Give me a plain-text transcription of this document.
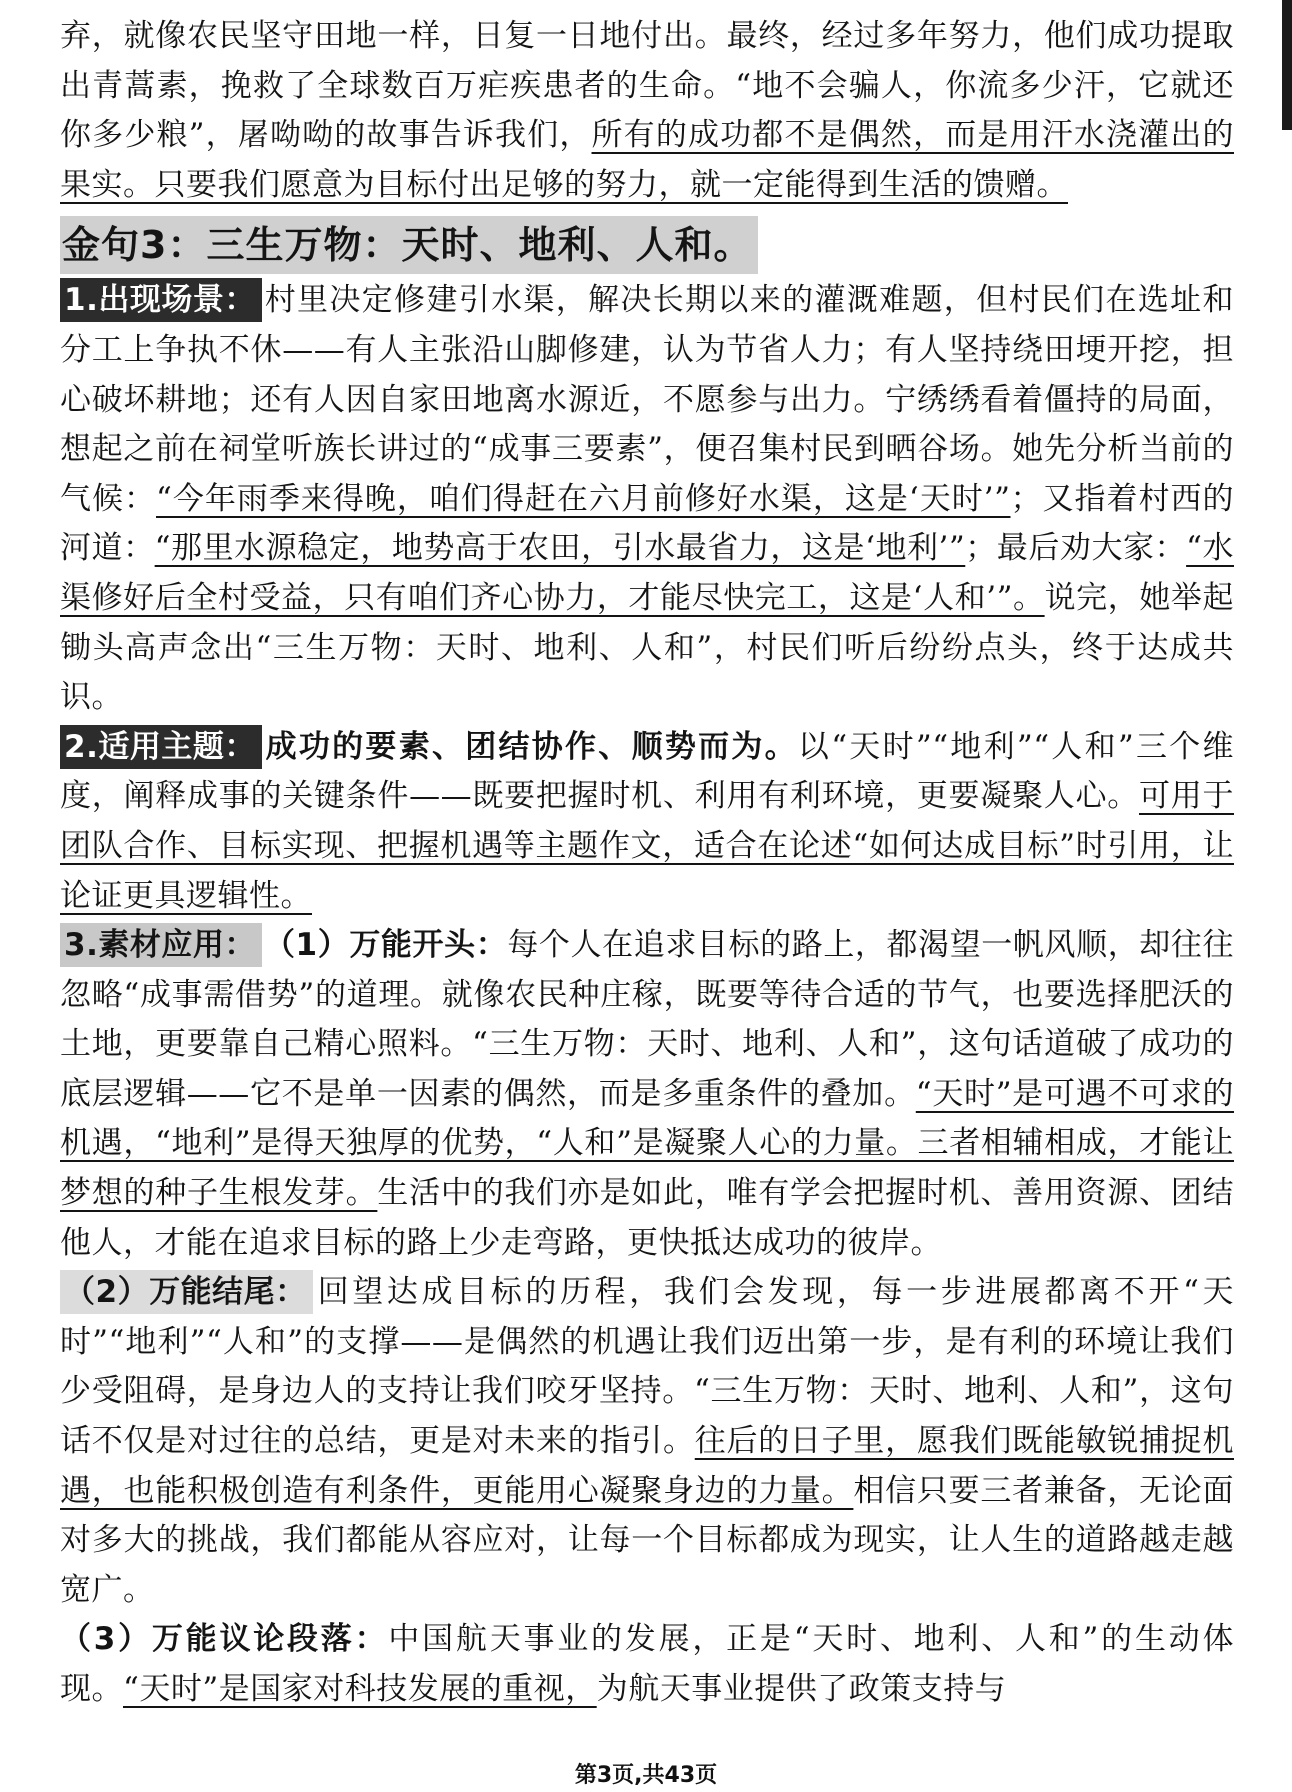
弃，就像农民坚守田地一样，日复一日地付出。最终，经过多年努力，他们成功提取出青蒿素，挽救了全球数百万疟疾患者的生命。“地不会骗人，你流多少汗，它就还你多少粮”，屠呦呦的故事告诉我们，所有的成功都不是偶然，而是用汗水浇灌出的果实。只要我们愿意为目标付出足够的努力，就一定能得到生活的馈赠。

金句3：三生万物：天时、地利、人和。

1.出现场景： 村里决定修建引水渠，解决长期以来的灌溉难题，但村民们在选址和分工上争执不休——有人主张沿山脚修建，认为节省人力；有人坚持绕田埂开挖，担心破坏耕地；还有人因自家田地离水源近，不愿参与出力。宁绣绣看着僵持的局面，想起之前在祠堂听族长讲过的“成事三要素”，便召集村民到晒谷场。她先分析当前的气候：“今年雨季来得晚，咱们得赶在六月前修好水渠，这是‘天时’”；又指着村西的河道：“那里水源稳定，地势高于农田，引水最省力，这是‘地利’”；最后劝大家：“水渠修好后全村受益，只有咱们齐心协力，才能尽快完工，这是‘人和’”。说完，她举起锄头高声念出“三生万物：天时、地利、人和”，村民们听后纷纷点头，终于达成共识。

2.适用主题： 成功的要素、团结协作、顺势而为。以“天时”“地利”“人和”三个维度，阐释成事的关键条件——既要把握时机、利用有利环境，更要凝聚人心。可用于团队合作、目标实现、把握机遇等主题作文，适合在论述“如何达成目标”时引用，让论证更具逻辑性。

3.素材应用： （1）万能开头：每个人在追求目标的路上，都渴望一帆风顺，却往往忽略“成事需借势”的道理。就像农民种庄稼，既要等待合适的节气，也要选择肥沃的土地，更要靠自己精心照料。“三生万物：天时、地利、人和”，这句话道破了成功的底层逻辑——它不是单一因素的偶然，而是多重条件的叠加。“天时”是可遇不可求的机遇，“地利”是得天独厚的优势，“人和”是凝聚人心的力量。三者相辅相成，才能让梦想的种子生根发芽。生活中的我们亦是如此，唯有学会把握时机、善用资源、团结他人，才能在追求目标的路上少走弯路，更快抵达成功的彼岸。

（2）万能结尾： 回望达成目标的历程，我们会发现，每一步进展都离不开“天时”“地利”“人和”的支撑——是偶然的机遇让我们迈出第一步，是有利的环境让我们少受阻碍，是身边人的支持让我们咬牙坚持。“三生万物：天时、地利、人和”，这句话不仅是对过往的总结，更是对未来的指引。往后的日子里，愿我们既能敏锐捕捉机遇，也能积极创造有利条件，更能用心凝聚身边的力量。相信只要三者兼备，无论面对多大的挑战，我们都能从容应对，让每一个目标都成为现实，让人生的道路越走越宽广。

（3）万能议论段落：中国航天事业的发展，正是“天时、地利、人和”的生动体现。“天时”是国家对科技发展的重视，为航天事业提供了政策支持与

第3页,共43页
